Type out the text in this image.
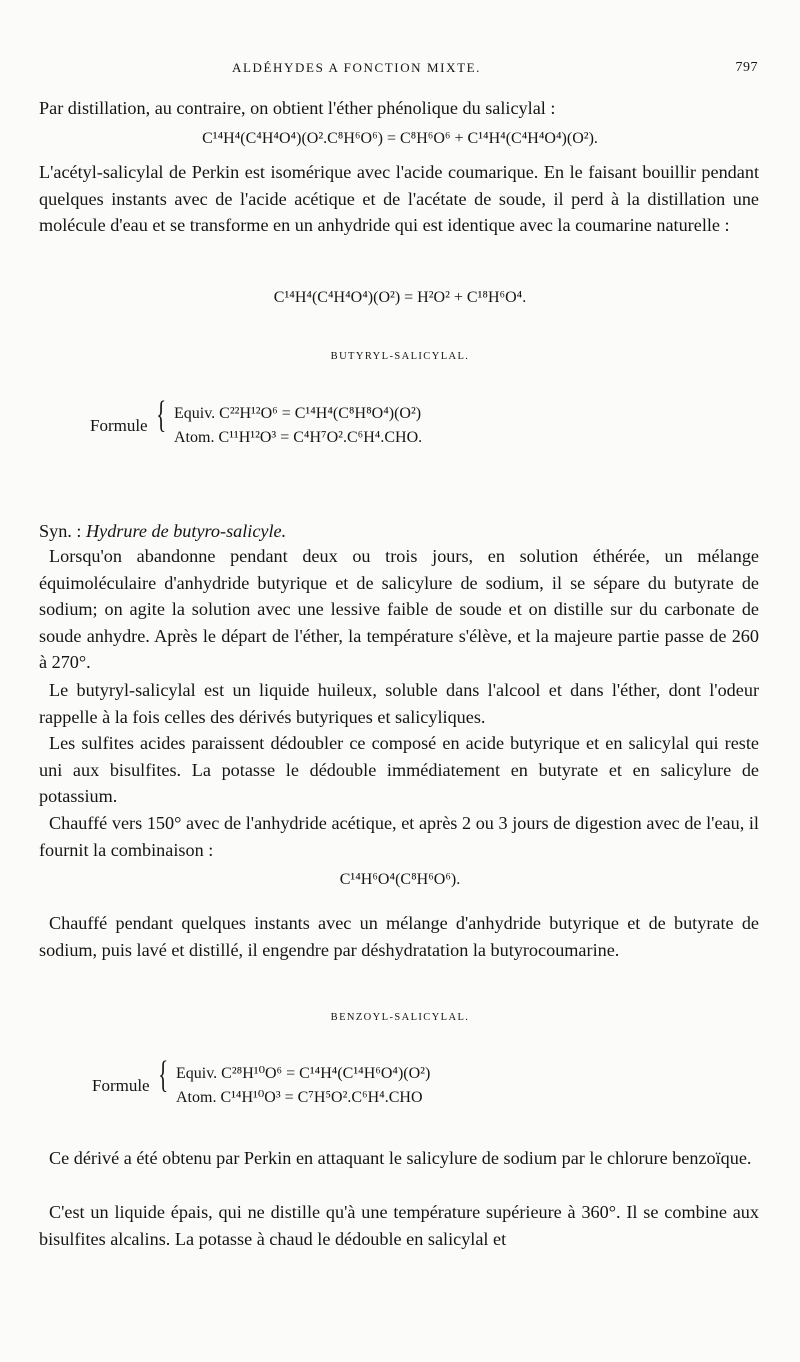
ALDÉHYDES A FONCTION MIXTE.	797
Par distillation, au contraire, on obtient l'éther phénolique du salicylal :
C¹⁴H⁴(C⁴H⁴O⁴)(O².C⁸H⁶O⁶) = C⁸H⁶O⁶ + C¹⁴H⁴(C⁴H⁴O⁴)(O²).
L'acétyl-salicylal de Perkin est isomérique avec l'acide coumarique. En le faisant bouillir pendant quelques instants avec de l'acide acétique et de l'acétate de soude, il perd à la distillation une molécule d'eau et se transforme en un anhydride qui est identique avec la coumarine naturelle :
C¹⁴H⁴(C⁴H⁴O⁴)(O²) = H²O² + C¹⁸H⁶O⁴.
BUTYRYL-SALICYLAL.
Formule { Equiv. C²²H¹²O⁶ = C¹⁴H⁴(C⁸H⁸O⁴)(O²)
Atom. C¹¹H¹²O³ = C⁴H⁷O².C⁶H⁴.CHO.
Syn. : Hydrure de butyro-salicyle.
Lorsqu'on abandonne pendant deux ou trois jours, en solution éthérée, un mélange équimoléculaire d'anhydride butyrique et de salicylure de sodium, il se sépare du butyrate de sodium; on agite la solution avec une lessive faible de soude et on distille sur du carbonate de soude anhydre. Après le départ de l'éther, la température s'élève, et la majeure partie passe de 260 à 270°.
Le butyryl-salicylal est un liquide huileux, soluble dans l'alcool et dans l'éther, dont l'odeur rappelle à la fois celles des dérivés butyriques et salicyliques.
Les sulfites acides paraissent dédoubler ce composé en acide butyrique et en salicylal qui reste uni aux bisulfites. La potasse le dédouble immédiatement en butyrate et en salicylure de potassium.
Chauffé vers 150° avec de l'anhydride acétique, et après 2 ou 3 jours de digestion avec de l'eau, il fournit la combinaison :
C¹⁴H⁶O⁴(C⁸H⁶O⁶).
Chauffé pendant quelques instants avec un mélange d'anhydride butyrique et de butyrate de sodium, puis lavé et distillé, il engendre par déshydratation la butyrocoumarine.
BENZOYL-SALICYLAL.
Formule { Equiv. C²⁸H¹⁰O⁶ = C¹⁴H⁴(C¹⁴H⁶O⁴)(O²)
Atom. C¹⁴H¹⁰O³ = C⁷H⁵O².C⁶H⁴.CHO
Ce dérivé a été obtenu par Perkin en attaquant le salicylure de sodium par le chlorure benzoïque.
C'est un liquide épais, qui ne distille qu'à une température supérieure à 360°. Il se combine aux bisulfites alcalins. La potasse à chaud le dédouble en salicylal et
